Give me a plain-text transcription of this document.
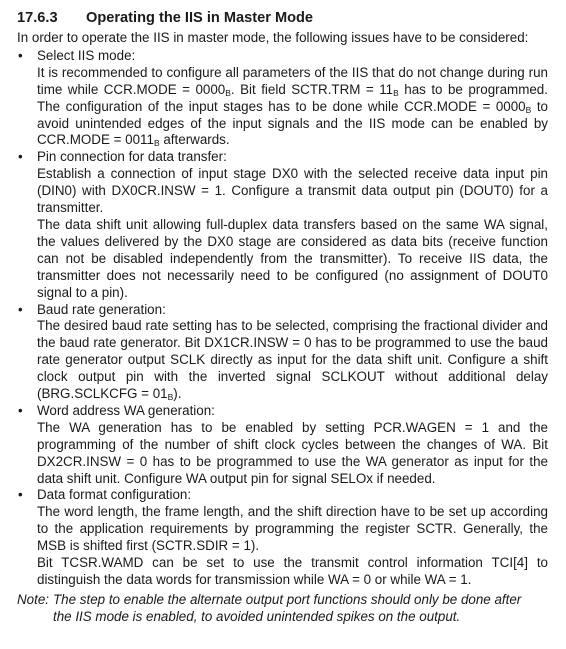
17.6.3	Operating the IIS in Master Mode

In order to operate the IIS in master mode, the following issues have to be considered:

• Select IIS mode:

It is recommended to configure all parameters of the IIS that do not change during run time while CCR.MODE = $0000_B$. Bit field SCTR.TRM = $11_B$ has to be programmed. The configuration of the input stages has to be done while CCR.MODE = $0000_B$ to avoid unintended edges of the input signals and the IIS mode can be enabled by CCR.MODE = $0011_B$ afterwards.

• Pin connection for data transfer:

Establish a connection of input stage DX0 with the selected receive data input pin (DIN0) with DX0CR.INSW = 1. Configure a transmit data output pin (DOUT0) for a transmitter.

The data shift unit allowing full-duplex data transfers based on the same WA signal, the values delivered by the DX0 stage are considered as data bits (receive function can not be disabled independently from the transmitter). To receive IIS data, the transmitter does not necessarily need to be configured (no assignment of DOUT0 signal to a pin).

• Baud rate generation:

The desired baud rate setting has to be selected, comprising the fractional divider and the baud rate generator. Bit DX1CR.INSW = 0 has to be programmed to use the baud rate generator output SCLK directly as input for the data shift unit. Configure a shift clock output pin with the inverted signal SCLKOUT without additional delay (BRG.SCLKCFG = $01_B$).

• Word address WA generation:

The WA generation has to be enabled by setting PCR.WAGEN = 1 and the programming of the number of shift clock cycles between the changes of WA. Bit DX2CR.INSW = 0 has to be programmed to use the WA generator as input for the data shift unit. Configure WA output pin for signal SELOx if needed.

• Data format configuration:

The word length, the frame length, and the shift direction have to be set up according to the application requirements by programming the register SCTR. Generally, the MSB is shifted first (SCTR.SDIR = 1).

Bit TCSR.WAMD can be set to use the transmit control information TCI[4] to distinguish the data words for transmission while WA = 0 or while WA = 1.

Note: The step to enable the alternate output port functions should only be done after
the IIS mode is enabled, to avoided unintended spikes on the output.
